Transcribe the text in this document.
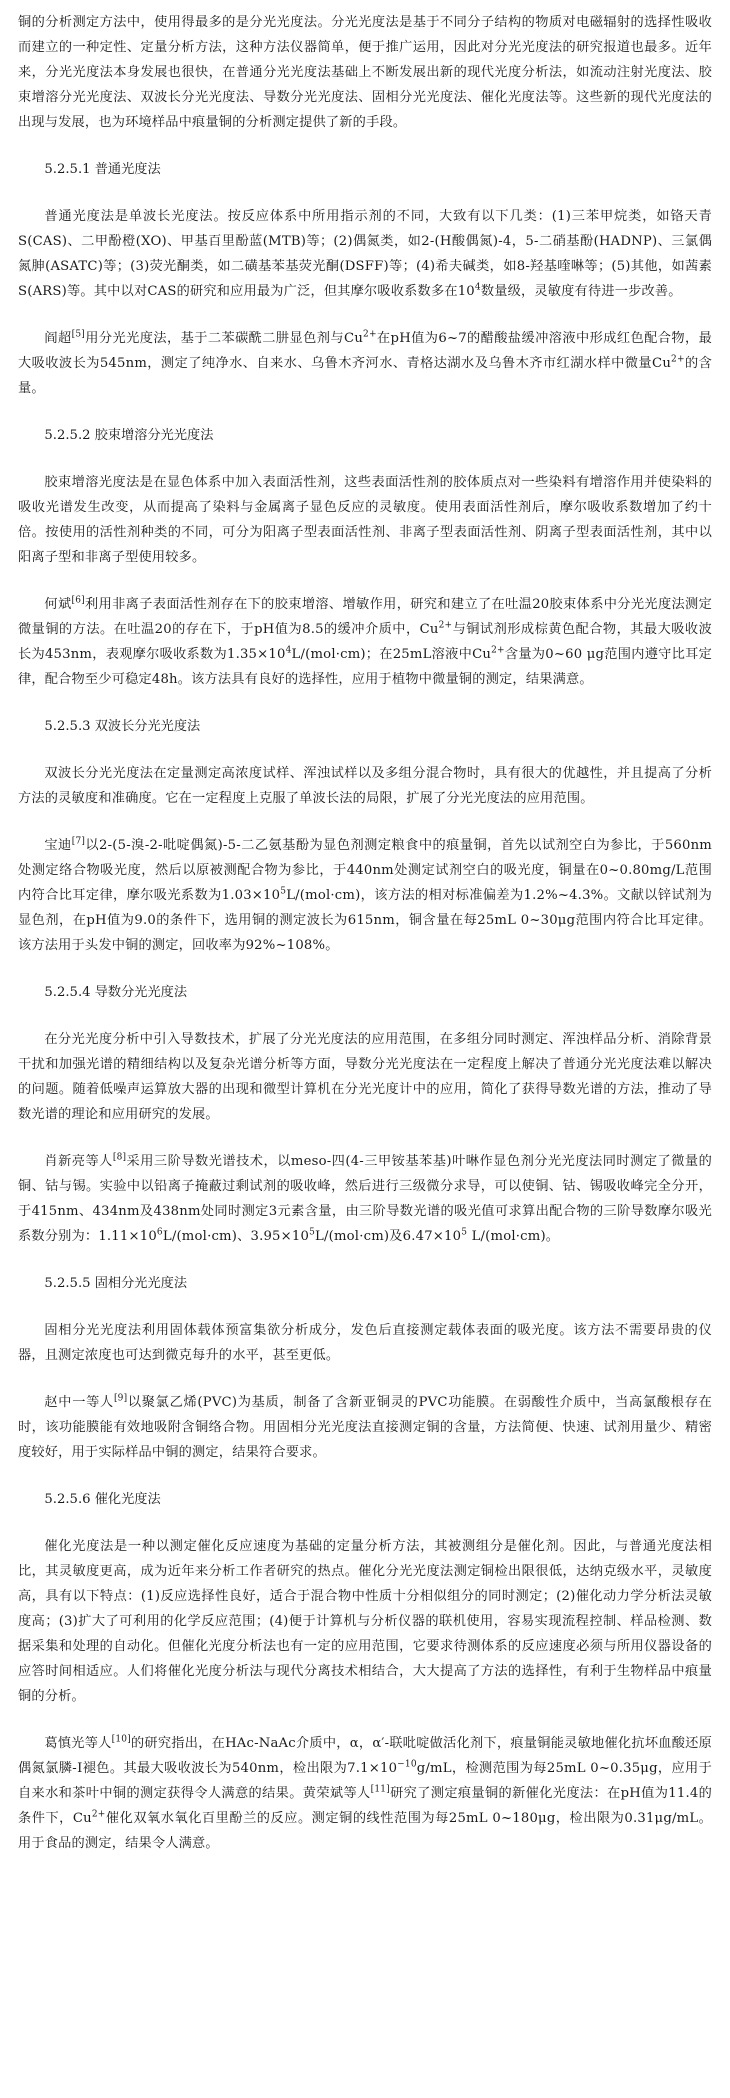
铜的分析测定方法中，使用得最多的是分光光度法。分光光度法是基于不同分子结构的物质对电磁辐射的选择性吸收而建立的一种定性、定量分析方法，这种方法仪器简单，便于推广运用，因此对分光光度法的研究报道也最多。近年来，分光光度法本身发展也很快，在普通分光光度法基础上不断发展出新的现代光度分析法，如流动注射光度法、胶束增溶分光光度法、双波长分光光度法、导数分光光度法、固相分光光度法、催化光度法等。这些新的现代光度法的出现与发展，也为环境样品中痕量铜的分析测定提供了新的手段。

5.2.5.1 普通光度法

普通光度法是单波长光度法。按反应体系中所用指示剂的不同，大致有以下几类：(1)三苯甲烷类，如铬天青S(CAS)、二甲酚橙(XO)、甲基百里酚蓝(MTB)等；(2)偶氮类，如2-(H酸偶氮)-4，5-二硝基酚(HADNP)、三氯偶氮胂(ASATC)等；(3)荧光酮类，如二磺基苯基荧光酮(DSFF)等；(4)希夫碱类，如8-羟基喹啉等；(5)其他，如茜素S(ARS)等。其中以对CAS的研究和应用最为广泛，但其摩尔吸收系数多在$10^4$数量级，灵敏度有待进一步改善。

阎超[5]用分光光度法，基于二苯碳酰二肼显色剂与$Cu^{2+}$在pH值为6~7的醋酸盐缓冲溶液中形成红色配合物，最大吸收波长为545nm，测定了纯净水、自来水、乌鲁木齐河水、青格达湖水及乌鲁木齐市红湖水样中微量$Cu^{2+}$的含量。

5.2.5.2 胶束增溶分光光度法

胶束增溶光度法是在显色体系中加入表面活性剂，这些表面活性剂的胶体质点对一些染料有增溶作用并使染料的吸收光谱发生改变，从而提高了染料与金属离子显色反应的灵敏度。使用表面活性剂后，摩尔吸收系数增加了约十倍。按使用的活性剂种类的不同，可分为阳离子型表面活性剂、非离子型表面活性剂、阴离子型表面活性剂，其中以阳离子型和非离子型使用较多。

何斌[6]利用非离子表面活性剂存在下的胶束增溶、增敏作用，研究和建立了在吐温20胶束体系中分光光度法测定微量铜的方法。在吐温20的存在下，于pH值为8.5的缓冲介质中，$Cu^{2+}$与铜试剂形成棕黄色配合物，其最大吸收波长为453nm，表观摩尔吸收系数为$1.35\times 10^4L/(mol\cdot cm)$；在25mL溶液中$Cu^{2+}$含量为0~60 μg范围内遵守比耳定律，配合物至少可稳定48h。该方法具有良好的选择性，应用于植物中微量铜的测定，结果满意。

5.2.5.3 双波长分光光度法

双波长分光光度法在定量测定高浓度试样、浑浊试样以及多组分混合物时，具有很大的优越性，并且提高了分析方法的灵敏度和准确度。它在一定程度上克服了单波长法的局限，扩展了分光光度法的应用范围。

宝迪[7]以2-(5-溴-2-吡啶偶氮)-5-二乙氨基酚为显色剂测定粮食中的痕量铜，首先以试剂空白为参比，于560nm处测定络合物吸光度，然后以原被测配合物为参比，于440nm处测定试剂空白的吸光度，铜量在0~0.80mg/L范围内符合比耳定律，摩尔吸光系数为$1.03\times 10^5L/(mol\cdot cm)$，该方法的相对标准偏差为1.2%~4.3%。文献以锌试剂为显色剂，在pH值为9.0的条件下，选用铜的测定波长为615nm，铜含量在每25mL 0~30μg范围内符合比耳定律。该方法用于头发中铜的测定，回收率为92%~108%。

5.2.5.4 导数分光光度法

在分光光度分析中引入导数技术，扩展了分光光度法的应用范围，在多组分同时测定、浑浊样品分析、消除背景干扰和加强光谱的精细结构以及复杂光谱分析等方面，导数分光光度法在一定程度上解决了普通分光光度法难以解决的问题。随着低噪声运算放大器的出现和微型计算机在分光光度计中的应用，简化了获得导数光谱的方法，推动了导数光谱的理论和应用研究的发展。

肖新亮等人[8]采用三阶导数光谱技术，以meso-四(4-三甲铵基苯基)叶啉作显色剂分光光度法同时测定了微量的铜、钴与锡。实验中以铅离子掩蔽过剩试剂的吸收峰，然后进行三级微分求导，可以使铜、钴、锡吸收峰完全分开，于415nm、434nm及438nm处同时测定3元素含量，由三阶导数光谱的吸光值可求算出配合物的三阶导数摩尔吸光系数分别为：$1.11\times 10^6L/(mol\cdot cm)$、$3.95\times 10^5L/(mol\cdot cm)$及$6.47\times 10^5$ L/(mol·cm)。

5.2.5.5 固相分光光度法

固相分光光度法利用固体载体预富集欲分析成分，发色后直接测定载体表面的吸光度。该方法不需要昂贵的仪器，且测定浓度也可达到微克每升的水平，甚至更低。

赵中一等人[9]以聚氯乙烯(PVC)为基质，制备了含新亚铜灵的PVC功能膜。在弱酸性介质中，当高氯酸根存在时，该功能膜能有效地吸附含铜络合物。用固相分光光度法直接测定铜的含量，方法简便、快速、试剂用量少、精密度较好，用于实际样品中铜的测定，结果符合要求。

5.2.5.6 催化光度法

催化光度法是一种以测定催化反应速度为基础的定量分析方法，其被测组分是催化剂。因此，与普通光度法相比，其灵敏度更高，成为近年来分析工作者研究的热点。催化分光光度法测定铜检出限很低，达纳克级水平，灵敏度高，具有以下特点：(1)反应选择性良好，适合于混合物中性质十分相似组分的同时测定；(2)催化动力学分析法灵敏度高；(3)扩大了可利用的化学反应范围；(4)便于计算机与分析仪器的联机使用，容易实现流程控制、样品检测、数据采集和处理的自动化。但催化光度分析法也有一定的应用范围，它要求待测体系的反应速度必须与所用仪器设备的应答时间相适应。人们将催化光度分析法与现代分离技术相结合，大大提高了方法的选择性，有利于生物样品中痕量铜的分析。

葛慎光等人[10]的研究指出，在HAc-NaAc介质中，α，α′-联吡啶做活化剂下，痕量铜能灵敏地催化抗坏血酸还原偶氮氯膦-Ⅰ褪色。其最大吸收波长为540nm，检出限为$7.1\times 10^{-10}g/mL$，检测范围为每25mL 0~0.35μg，应用于自来水和茶叶中铜的测定获得令人满意的结果。黄荣斌等人[11]研究了测定痕量铜的新催化光度法：在pH值为11.4的条件下，$Cu^{2+}$催化双氧水氧化百里酚兰的反应。测定铜的线性范围为每25mL 0~180μg，检出限为0.31μg/mL。用于食品的测定，结果令人满意。
